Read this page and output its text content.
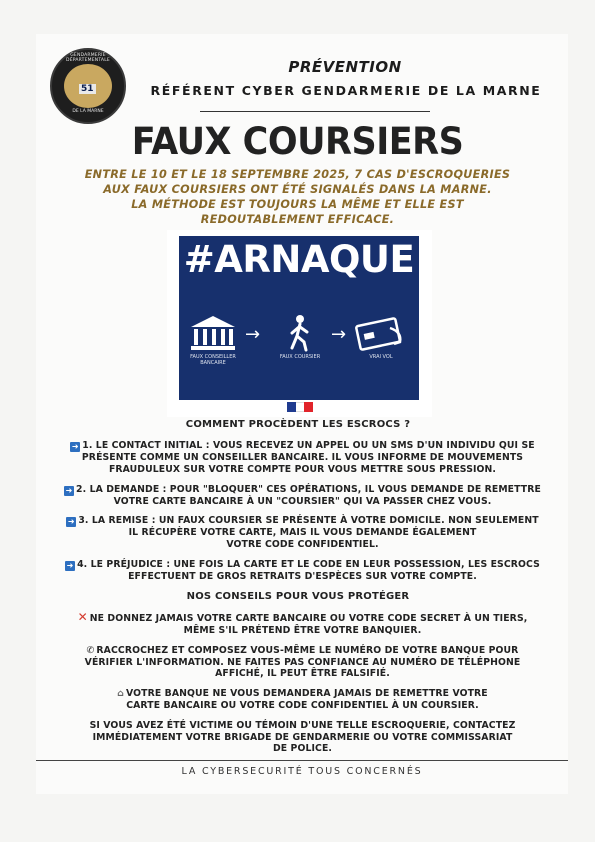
GENDARMERIE DÉPARTEMENTALE
51
DE LA MARNE
PRÉVENTION
RÉFÉRENT CYBER GENDARMERIE DE LA MARNE
FAUX COURSIERS
ENTRE LE 10 ET LE 18 SEPTEMBRE 2025, 7 CAS D'ESCROQUERIES
AUX FAUX COURSIERS ONT ÉTÉ SIGNALÉS DANS LA MARNE.
LA MÉTHODE EST TOUJOURS LA MÊME ET ELLE EST
REDOUTABLEMENT EFFICACE.
#ARNAQUE
FAUX CONSEILLER BANCAIRE
→
FAUX COURSIER
→
VRAI VOL
COMMENT PROCÈDENT LES ESCROCS ?
➜ 1. LE CONTACT INITIAL : VOUS RECEVEZ UN APPEL OU UN SMS D'UN INDIVIDU QUI SE
PRÉSENTE COMME UN CONSEILLER BANCAIRE. IL VOUS INFORME DE MOUVEMENTS
FRAUDULEUX SUR VOTRE COMPTE POUR VOUS METTRE SOUS PRESSION.
➜ 2. LA DEMANDE : POUR "BLOQUER" CES OPÉRATIONS, IL VOUS DEMANDE DE REMETTRE
VOTRE CARTE BANCAIRE À UN "COURSIER" QUI VA PASSER CHEZ VOUS.
➜ 3. LA REMISE : UN FAUX COURSIER SE PRÉSENTE À VOTRE DOMICILE. NON SEULEMENT
IL RÉCUPÈRE VOTRE CARTE, MAIS IL VOUS DEMANDE ÉGALEMENT
VOTRE CODE CONFIDENTIEL.
➜ 4. LE PRÉJUDICE : UNE FOIS LA CARTE ET LE CODE EN LEUR POSSESSION, LES ESCROCS
EFFECTUENT DE GROS RETRAITS D'ESPÈCES SUR VOTRE COMPTE.
NOS CONSEILS POUR VOUS PROTÉGER
✕ NE DONNEZ JAMAIS VOTRE CARTE BANCAIRE OU VOTRE CODE SECRET À UN TIERS,
MÊME S'IL PRÉTEND ÊTRE VOTRE BANQUIER.
✆ RACCROCHEZ ET COMPOSEZ VOUS-MÊME LE NUMÉRO DE VOTRE BANQUE POUR
VÉRIFIER L'INFORMATION. NE FAITES PAS CONFIANCE AU NUMÉRO DE TÉLÉPHONE
AFFICHÉ, IL PEUT ÊTRE FALSIFIÉ.
⌂ VOTRE BANQUE NE VOUS DEMANDERA JAMAIS DE REMETTRE VOTRE
CARTE BANCAIRE OU VOTRE CODE CONFIDENTIEL À UN COURSIER.
SI VOUS AVEZ ÉTÉ VICTIME OU TÉMOIN D'UNE TELLE ESCROQUERIE, CONTACTEZ
IMMÉDIATEMENT VOTRE BRIGADE DE GENDARMERIE OU VOTRE COMMISSARIAT
DE POLICE.
LA CYBERSECURITÉ TOUS CONCERNÉS
